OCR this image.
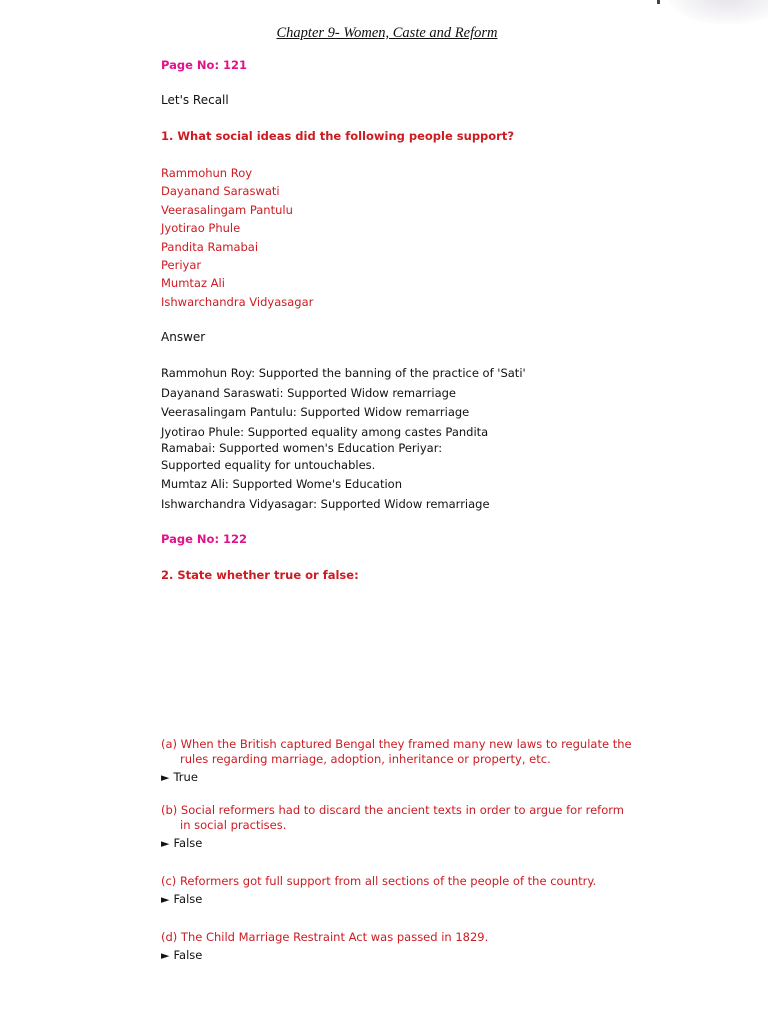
Chapter 9- Women, Caste and Reform
Page No: 121
Let's Recall
1. What social ideas did the following people support?
Rammohun Roy
Dayanand Saraswati
Veerasalingam Pantulu
Jyotirao Phule
Pandita Ramabai
Periyar
Mumtaz Ali
Ishwarchandra Vidyasagar
Answer
Rammohun Roy: Supported the banning of the practice of 'Sati'
Dayanand Saraswati: Supported Widow remarriage
Veerasalingam Pantulu: Supported Widow remarriage
Jyotirao Phule: Supported equality among castes Pandita
Ramabai: Supported women's Education Periyar:
Supported equality for untouchables.
Mumtaz Ali: Supported Wome's Education
Ishwarchandra Vidyasagar: Supported Widow remarriage
Page No: 122
2. State whether true or false:
(a) When the British captured Bengal they framed many new laws to regulate the
rules regarding marriage, adoption, inheritance or property, etc.
► True
(b) Social reformers had to discard the ancient texts in order to argue for reform
in social practises.
► False
(c) Reformers got full support from all sections of the people of the country.
► False
(d) The Child Marriage Restraint Act was passed in 1829.
► False
